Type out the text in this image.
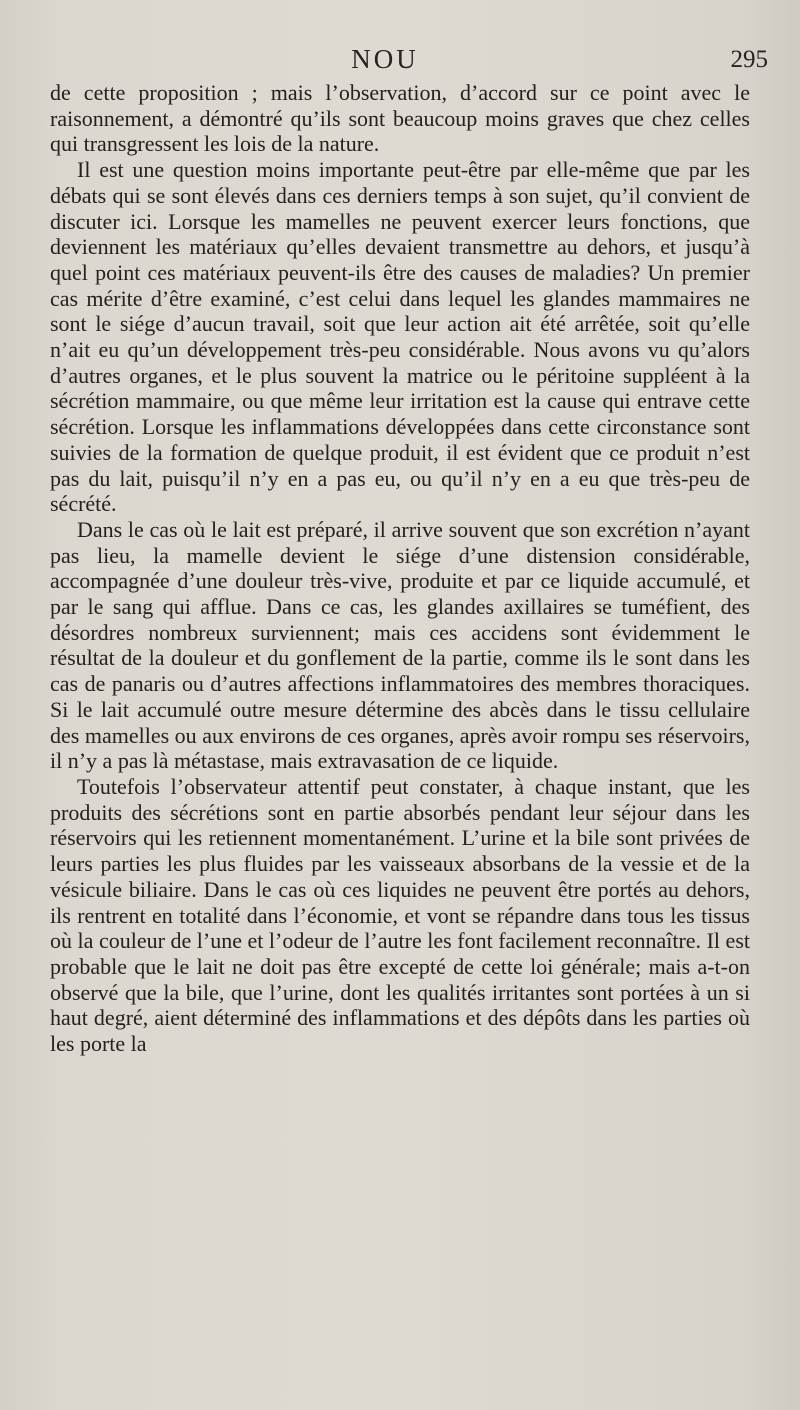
NOU	295

de cette proposition ; mais l’observation, d’accord sur ce point avec le raisonnement, a démontré qu’ils sont beaucoup moins graves que chez celles qui transgressent les lois de la nature.

Il est une question moins importante peut-être par elle-même que par les débats qui se sont élevés dans ces derniers temps à son sujet, qu’il convient de discuter ici. Lorsque les mamelles ne peuvent exercer leurs fonctions, que deviennent les matériaux qu’elles devaient transmettre au dehors, et jusqu’à quel point ces matériaux peuvent-ils être des causes de maladies? Un premier cas mérite d’être examiné, c’est celui dans lequel les glandes mammaires ne sont le siége d’aucun travail, soit que leur action ait été arrêtée, soit qu’elle n’ait eu qu’un développement très-peu considérable. Nous avons vu qu’alors d’autres organes, et le plus souvent la matrice ou le péritoine suppléent à la sécrétion mammaire, ou que même leur irritation est la cause qui entrave cette sécrétion. Lorsque les inflammations développées dans cette circonstance sont suivies de la formation de quelque produit, il est évident que ce produit n’est pas du lait, puisqu’il n’y en a pas eu, ou qu’il n’y en a eu que très-peu de sécrété.

Dans le cas où le lait est préparé, il arrive souvent que son excrétion n’ayant pas lieu, la mamelle devient le siége d’une distension considérable, accompagnée d’une douleur très-vive, produite et par ce liquide accumulé, et par le sang qui afflue. Dans ce cas, les glandes axillaires se tuméfient, des désordres nombreux surviennent; mais ces accidens sont évidemment le résultat de la douleur et du gonflement de la partie, comme ils le sont dans les cas de panaris ou d’autres affections inflammatoires des membres thoraciques. Si le lait accumulé outre mesure détermine des abcès dans le tissu cellulaire des mamelles ou aux environs de ces organes, après avoir rompu ses réservoirs, il n’y a pas là métastase, mais extravasation de ce liquide.

Toutefois l’observateur attentif peut constater, à chaque instant, que les produits des sécrétions sont en partie absorbés pendant leur séjour dans les réservoirs qui les retiennent momentanément. L’urine et la bile sont privées de leurs parties les plus fluides par les vaisseaux absorbans de la vessie et de la vésicule biliaire. Dans le cas où ces liquides ne peuvent être portés au dehors, ils rentrent en totalité dans l’économie, et vont se répandre dans tous les tissus où la couleur de l’une et l’odeur de l’autre les font facilement reconnaître. Il est probable que le lait ne doit pas être excepté de cette loi générale; mais a-t-on observé que la bile, que l’urine, dont les qualités irritantes sont portées à un si haut degré, aient déterminé des inflammations et des dépôts dans les parties où les porte la
